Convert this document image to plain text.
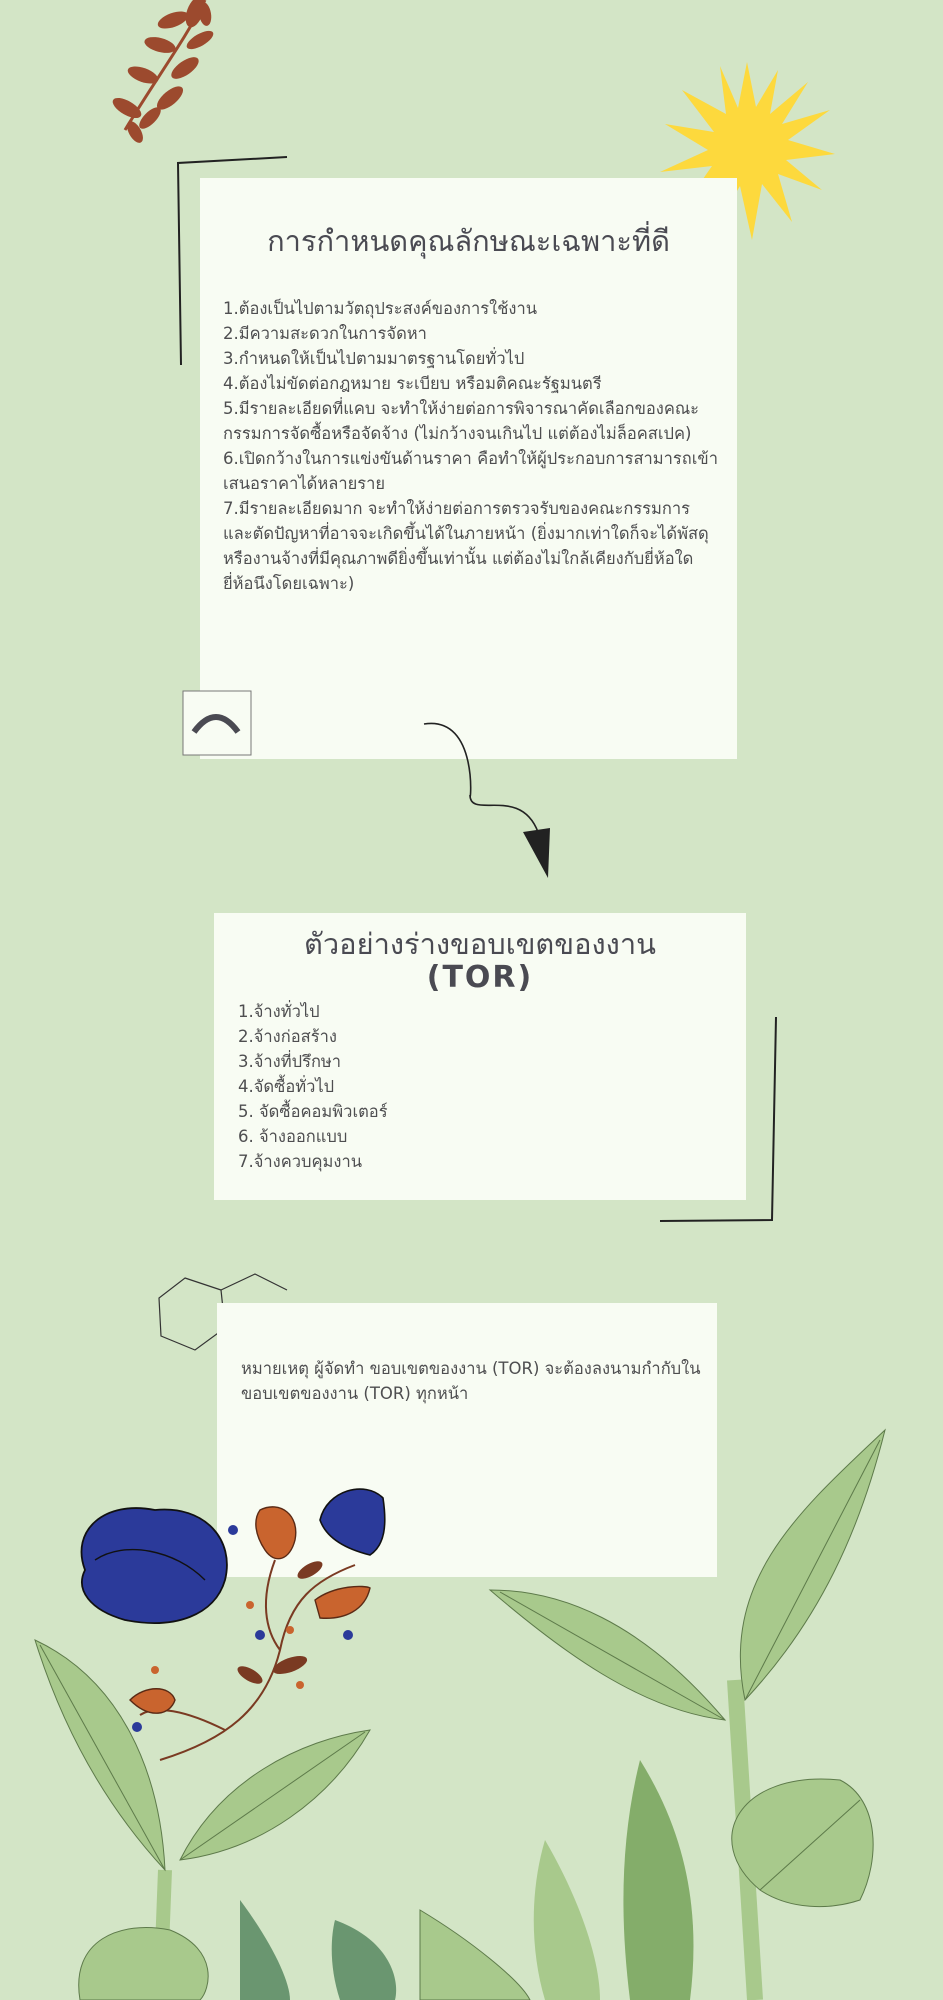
การกำหนดคุณลักษณะเฉพาะที่ดี
1.ต้องเป็นไปตามวัตถุประสงค์ของการใช้งาน
2.มีความสะดวกในการจัดหา
3.กำหนดให้เป็นไปตามมาตรฐานโดยทั่วไป
4.ต้องไม่ขัดต่อกฎหมาย ระเบียบ หรือมติคณะรัฐมนตรี
5.มีรายละเอียดที่แคบ จะทำให้ง่ายต่อการพิจารณาคัดเลือกของคณะกรรมการจัดซื้อหรือจัดจ้าง (ไม่กว้างจนเกินไป แต่ต้องไม่ล็อคสเปค)
6.เปิดกว้างในการแข่งขันด้านราคา คือทำให้ผู้ประกอบการสามารถเข้าเสนอราคาได้หลายราย
7.มีรายละเอียดมาก จะทำให้ง่ายต่อการตรวจรับของคณะกรรมการ และตัดปัญหาที่อาจจะเกิดขึ้นได้ในภายหน้า (ยิ่งมากเท่าใดก็จะได้พัสดุหรืองานจ้างที่มีคุณภาพดียิ่งขึ้นเท่านั้น แต่ต้องไม่ใกล้เคียงกับยี่ห้อใดยี่ห้อนึงโดยเฉพาะ)
ตัวอย่างร่างขอบเขตของงาน
(TOR)
1.จ้างทั่วไป
2.จ้างก่อสร้าง
3.จ้างที่ปรึกษา
4.จัดซื้อทั่วไป
5. จัดซื้อคอมพิวเตอร์
6. จ้างออกแบบ
7.จ้างควบคุมงาน

หมายเหตุ ผู้จัดทำ ขอบเขตของงาน (TOR) จะต้องลงนามกำกับในขอบเขตของงาน (TOR) ทุกหน้า
